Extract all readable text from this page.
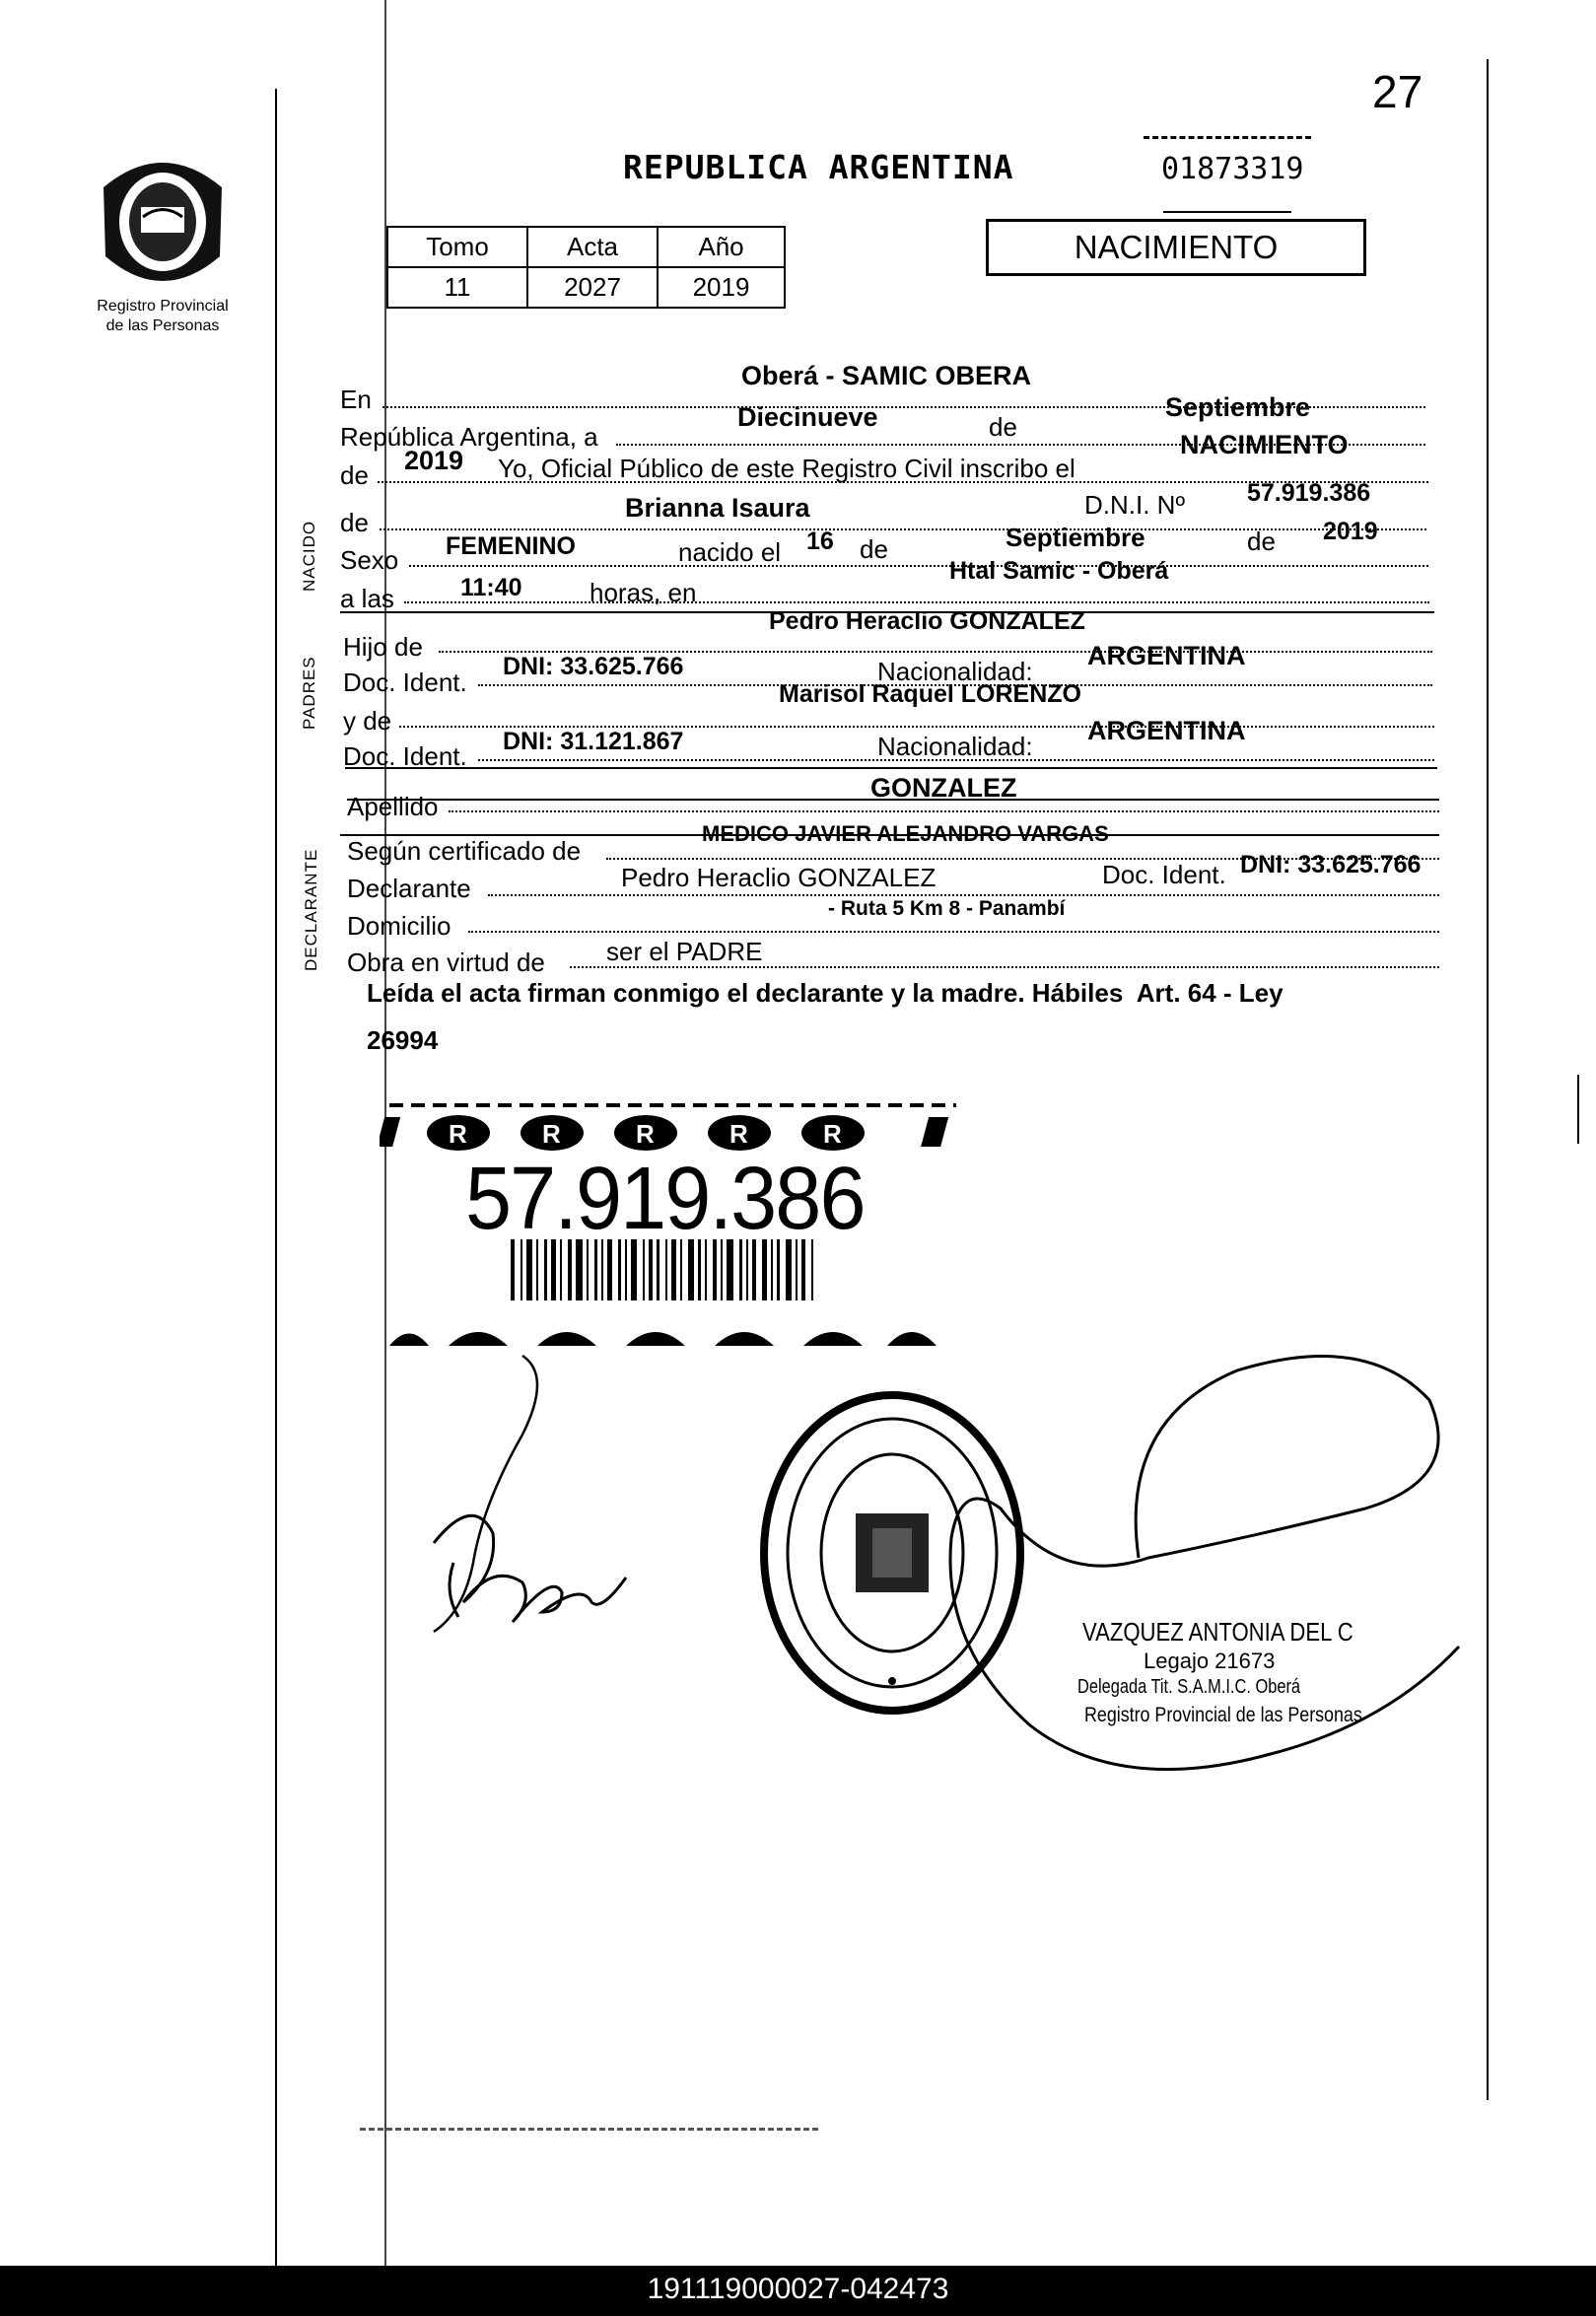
27
Registro Provincial
de las Personas
REPUBLICA ARGENTINA	01873319
Tomo	Acta	Año
11	2027	2019
NACIMIENTO
NACIDO
PADRES
DECLARANTE
En
Oberá - SAMIC OBERA
República Argentina, a
Diecinueve	de
Septiembre
de 2019 Yo, Oficial Público de este Registro Civil inscribo el
NACIMIENTO
de	Brianna Isaura	D.N.I. Nº	57.919.386
Sexo FEMENINO	nacido el 16 de	Septiembre	de 2019
a las	11:40	horas, en
Htal Samic - Oberá
Hijo de
Pedro Heraclio GONZALEZ
Doc. Ident.
DNI: 33.625.766	Nacionalidad:
ARGENTINA
y de
Marisol Raquel LORENZO
Doc. Ident. DNI: 31.121.867	Nacionalidad:
ARGENTINA
Apellido
GONZALEZ
Según certificado de
MEDICO JAVIER ALEJANDRO VARGAS
Declarante	Pedro Heraclio GONZALEZ	Doc. Ident. DNI: 33.625.766
Domicilio
- Ruta 5 Km 8 - Panambí
Obra en virtud de ser el PADRE
Leída el acta firman conmigo el declarante y la madre. Hábiles  Art. 64 - Ley
26994
R	R	R	R	R
57.919.386
VAZQUEZ ANTONIA DEL C
Legajo 21673
Delegada Tit. S.A.M.I.C. Oberá
Registro Provincial de las Personas
191119000027-042473
